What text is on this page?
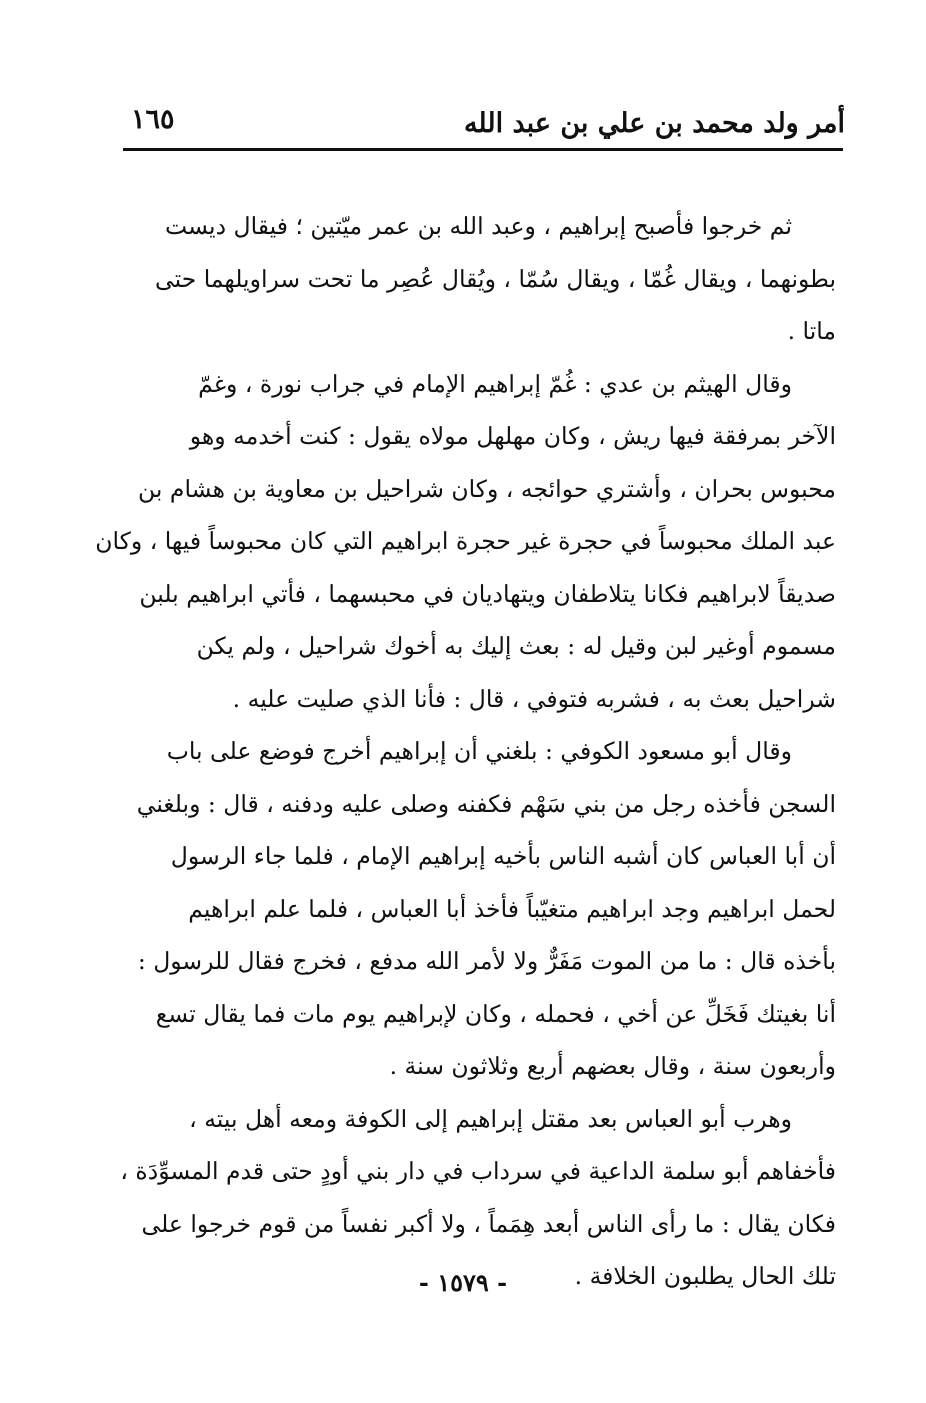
أمر ولد محمد بن علي بن عبد الله
١٦٥

ثم خرجوا فأصبح إبراهيم ، وعبد الله بن عمر ميّتين ؛ فيقال ديست

بطونهما ، ويقال غُمّا ، ويقال سُمّا ، ويُقال عُصِر ما تحت سراويلهما حتى

ماتا .

وقال الهيثم بن عدي : غُمّ إبراهيم الإمام في جراب نورة ، وغمّ

الآخر بمرفقة فيها ريش ، وكان مهلهل مولاه يقول : كنت أخدمه وهو

محبوس بحران ، وأشتري حوائجه ، وكان شراحيل بن معاوية بن هشام بن

عبد الملك محبوساً في حجرة غير حجرة ابراهيم التي كان محبوساً فيها ، وكان

صديقاً لابراهيم فكانا يتلاطفان ويتهاديان في محبسهما ، فأتي ابراهيم بلبن

مسموم أوغير لبن وقيل له : بعث إليك به أخوك شراحيل ، ولم يكن

شراحيل بعث به ، فشربه فتوفي ، قال : فأنا الذي صليت عليه .

وقال أبو مسعود الكوفي : بلغني أن إبراهيم أخرج فوضع على باب

السجن فأخذه رجل من بني سَهْم فكفنه وصلى عليه ودفنه ، قال : وبلغني

أن أبا العباس كان أشبه الناس بأخيه إبراهيم الإمام ، فلما جاء الرسول

لحمل ابراهيم وجد ابراهيم متغيّباً فأخذ أبا العباس ، فلما علم ابراهيم

بأخذه قال : ما من الموت مَفَرٌّ ولا لأمر الله مدفع ، فخرج فقال للرسول :

أنا بغيتك فَخَلِّ عن أخي ، فحمله ، وكان لإبراهيم يوم مات فما يقال تسع

وأربعون سنة ، وقال بعضهم أربع وثلاثون سنة .

وهرب أبو العباس بعد مقتل إبراهيم إلى الكوفة ومعه أهل بيته ،

فأخفاهم أبو سلمة الداعية في سرداب في دار بني أودٍ حتى قدم المسوِّدَة ،

فكان يقال : ما رأى الناس أبعد هِمَماً ، ولا أكبر نفساً من قوم خرجوا على

تلك الحال يطلبون الخلافة .

- ١٥٧٩ -
